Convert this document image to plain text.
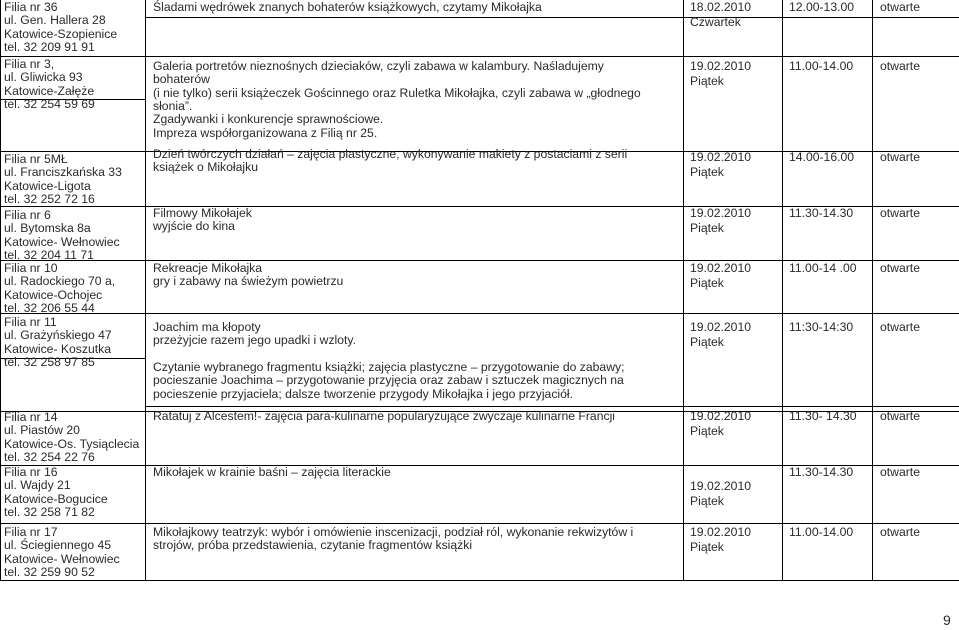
Filia nr 36
ul. Gen. Hallera 28
Katowice-Szopienice
tel. 32 209 91 91
Filia nr 3,
ul. Gliwicka 93
Katowice-Załęże
tel. 32 254 59 69
Filia nr 5MŁ
ul. Franciszkańska 33
Katowice-Ligota
tel. 32 252 72 16
Filia nr 6
ul. Bytomska 8a
Katowice- Wełnowiec
tel. 32 204 11 71
Filia nr 10
ul. Radockiego 70 a,
Katowice-Ochojec
tel. 32 206 55 44
Filia nr 11
ul. Grażyńskiego 47
Katowice- Koszutka
tel. 32 258 97 85
Filia nr 14
ul. Piastów 20
Katowice-Os. Tysiąclecia
tel. 32 254 22 76
Filia nr 16
ul. Wajdy 21
Katowice-Bogucice
tel. 32 258 71 82
Filia nr 17
ul. Ściegiennego 45
Katowice- Wełnowiec
tel. 32 259 90 52
Śladami wędrówek znanych bohaterów książkowych, czytamy Mikołajka
Galeria portretów nieznośnych dzieciaków, czyli zabawa w kalambury. Naśladujemy
bohaterów
(i nie tylko) serii książeczek Gościnnego oraz Ruletka Mikołajka, czyli zabawa w „głodnego
słonia”.
Zgadywanki i konkurencje sprawnościowe.
Impreza współorganizowana z Filią nr 25.
Dzień twórczych działań – zajęcia plastyczne, wykonywanie makiety z postaciami z serii
książek o Mikołajku
Filmowy Mikołajek
wyjście do kina
Rekreacje Mikołajka
gry i zabawy na świeżym powietrzu
Joachim ma kłopoty
przeżyjcie razem jego upadki i wzloty.
Czytanie wybranego fragmentu książki; zajęcia plastyczne – przygotowanie do zabawy;
pocieszanie Joachima – przygotowanie przyjęcia oraz zabaw i sztuczek magicznych na
pocieszenie przyjaciela; dalsze tworzenie przygody Mikołajka i jego przyjaciół.
Ratatuj z Alcestem!- zajęcia para-kulinarne popularyzujące zwyczaje kulinarne Francji
Mikołajek w krainie baśni – zajęcia literackie
Mikołajkowy teatrzyk: wybór i omówienie inscenizacji, podział ról, wykonanie rekwizytów i
strojów, próba przedstawienia, czytanie fragmentów książki
18.02.2010
Czwartek
19.02.2010
Piątek
19.02.2010
Piątek
19.02.2010
Piątek
19.02.2010
Piątek
19.02.2010
Piątek
19.02.2010
Piątek
19.02.2010
Piątek
19.02.2010
Piątek
12.00-13.00
11.00-14.00
14.00-16.00
11.30-14.30
11.00-14 .00
11:30-14:30
11.30- 14.30
11.30-14.30
11.00-14.00
otwarte
otwarte
otwarte
otwarte
otwarte
otwarte
otwarte
otwarte
otwarte
9
